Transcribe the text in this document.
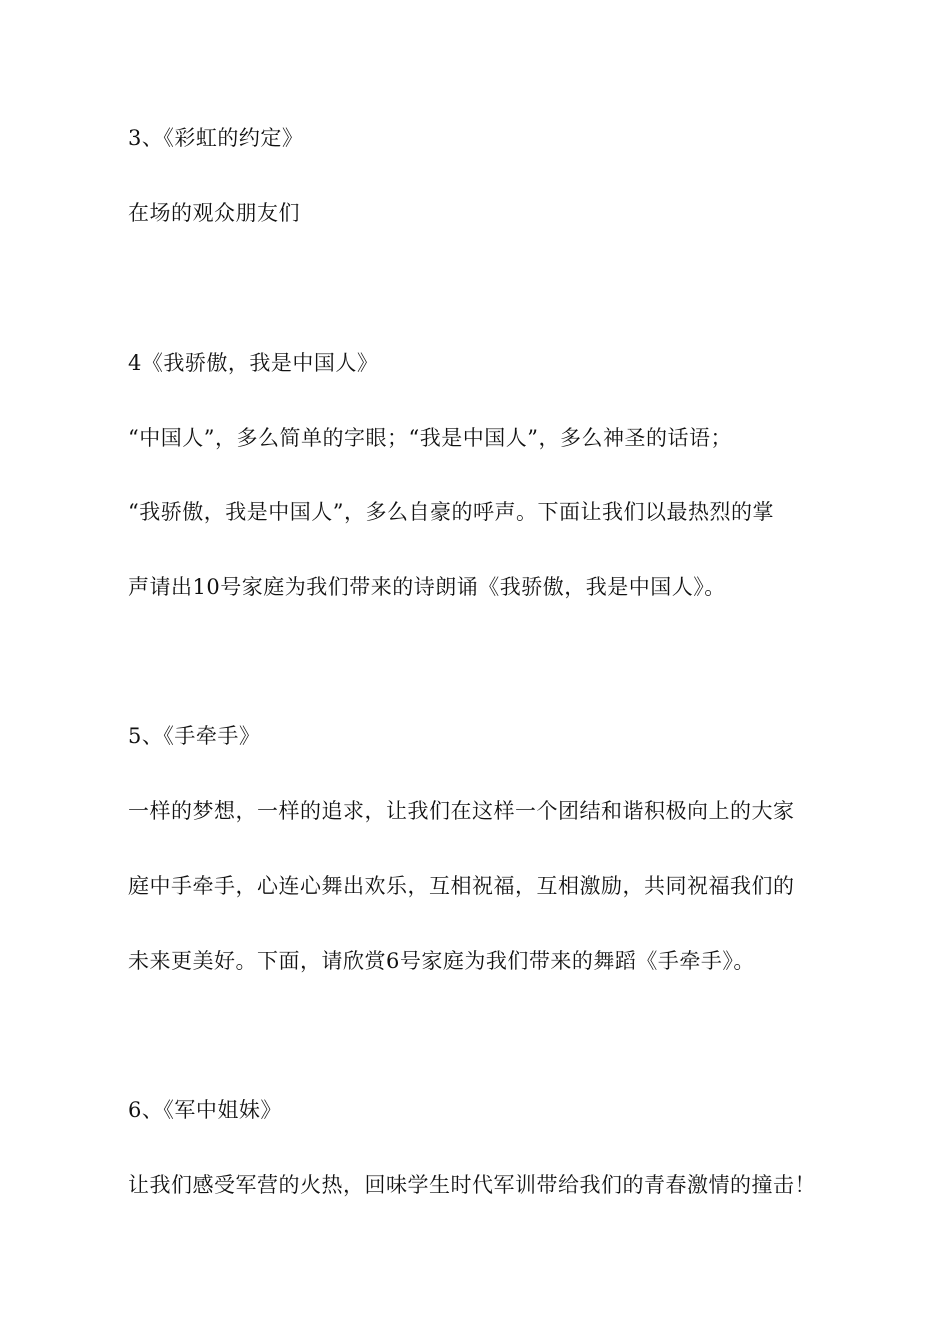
3、《彩虹的约定》
在场的观众朋友们
4《我骄傲，我是中国人》
“中国人”，多么简单的字眼；“我是中国人”，多么神圣的话语；
“我骄傲，我是中国人”，多么自豪的呼声。下面让我们以最热烈的掌
声请出10号家庭为我们带来的诗朗诵《我骄傲，我是中国人》。
5、《手牵手》
一样的梦想，一样的追求，让我们在这样一个团结和谐积极向上的大家
庭中手牵手，心连心舞出欢乐，互相祝福，互相激励，共同祝福我们的
未来更美好。下面，请欣赏6号家庭为我们带来的舞蹈《手牵手》。
6、《军中姐妹》
让我们感受军营的火热，回味学生时代军训带给我们的青春激情的撞击！
